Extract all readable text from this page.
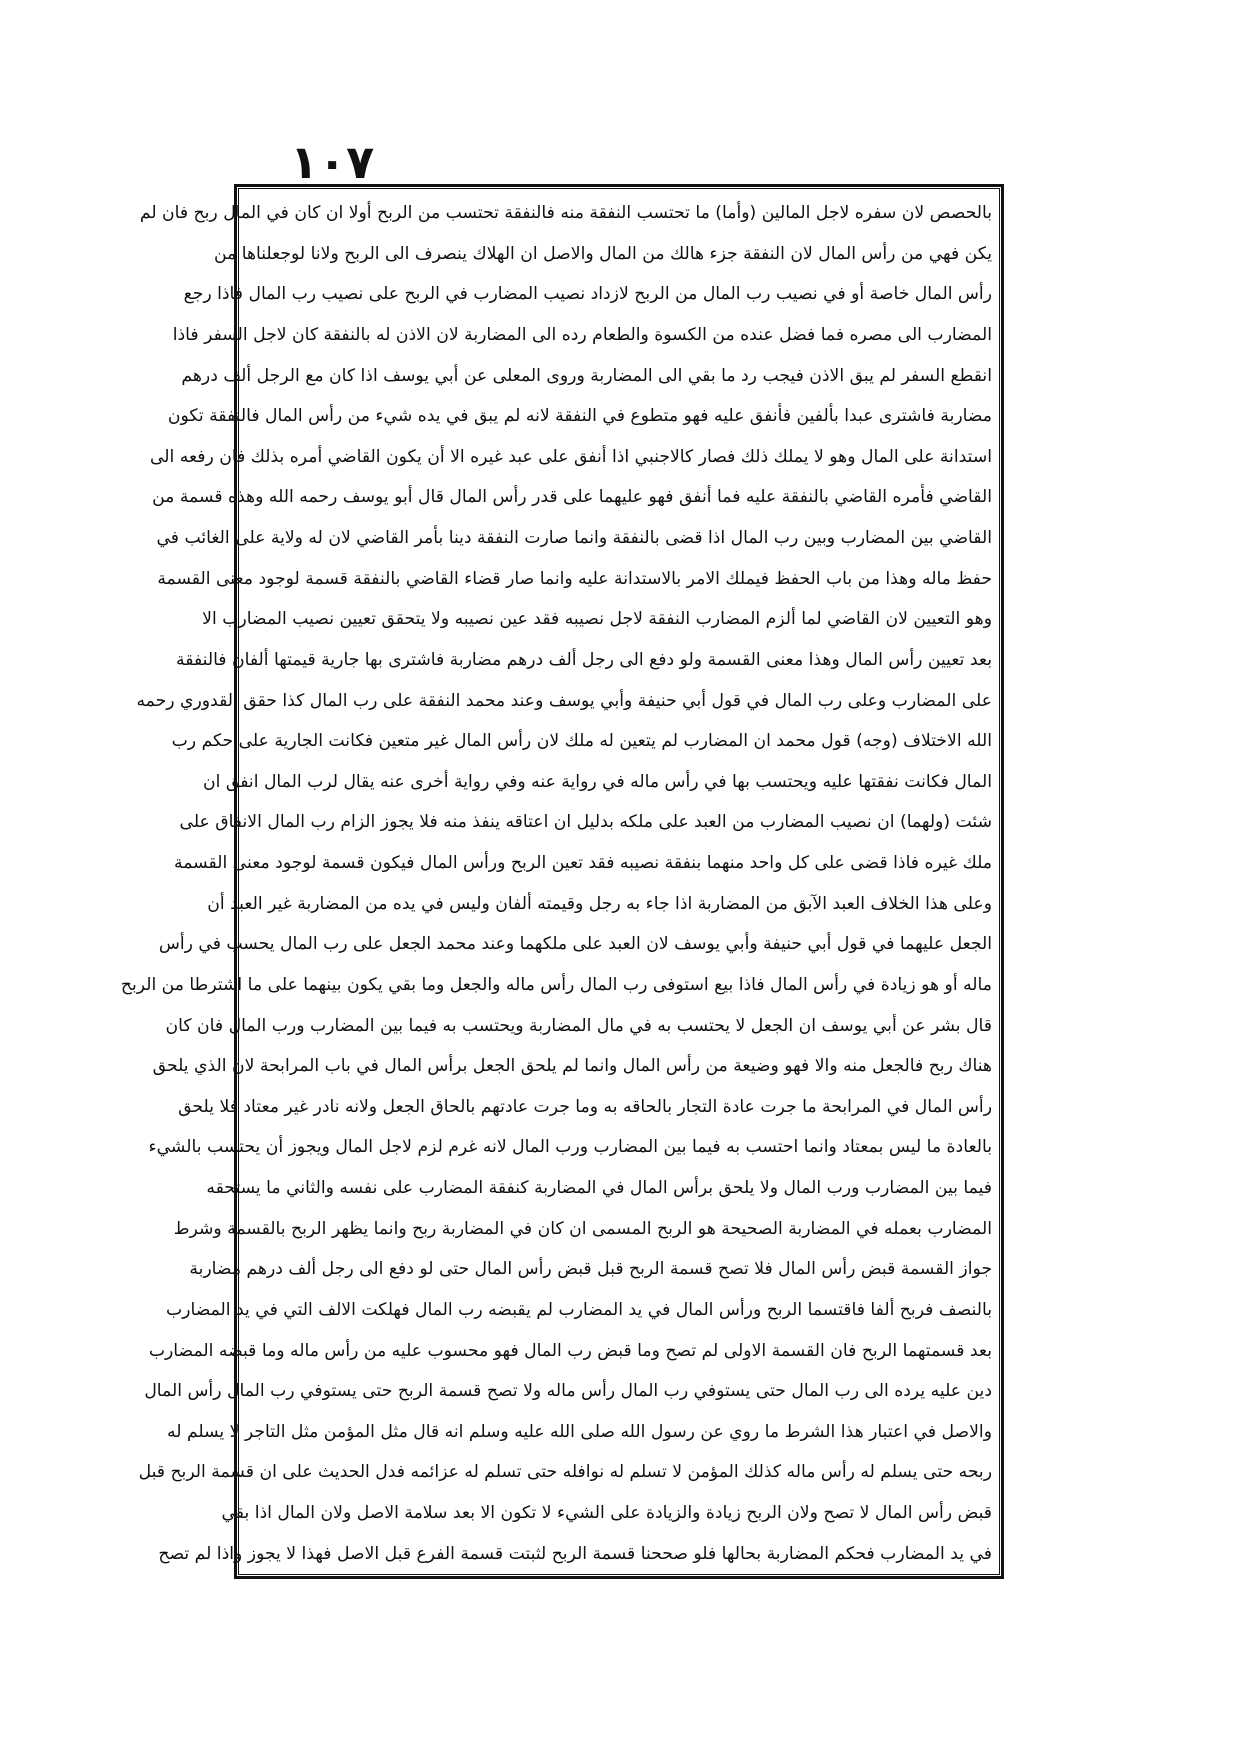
١٠٧
بالحصص لان سفره لاجل المالين (وأما) ما تحتسب النفقة منه فالنفقة تحتسب من الربح أولا ان كان في المال ربح فان لم
يكن فهي من رأس المال لان النفقة جزء هالك من المال والاصل ان الهلاك ينصرف الى الربح ولانا لوجعلناها من
رأس المال خاصة أو في نصيب رب المال من الربح لازداد نصيب المضارب في الربح على نصيب رب المال فاذا رجع
المضارب الى مصره فما فضل عنده من الكسوة والطعام رده الى المضاربة لان الاذن له بالنفقة كان لاجل السفر فاذا
انقطع السفر لم يبق الاذن فيجب رد ما بقي الى المضاربة وروى المعلى عن أبي يوسف اذا كان مع الرجل ألف درهم
مضاربة فاشترى عبدا بألفين فأنفق عليه فهو متطوع في النفقة لانه لم يبق في يده شيء من رأس المال فالنفقة تكون
استدانة على المال وهو لا يملك ذلك فصار كالاجنبي اذا أنفق على عبد غيره الا أن يكون القاضي أمره بذلك فان رفعه الى
القاضي فأمره القاضي بالنفقة عليه فما أنفق فهو عليهما على قدر رأس المال قال أبو يوسف رحمه الله وهذه قسمة من
القاضي بين المضارب وبين رب المال اذا قضى بالنفقة وانما صارت النفقة دينا بأمر القاضي لان له ولاية على الغائب في
حفظ ماله وهذا من باب الحفظ فيملك الامر بالاستدانة عليه وانما صار قضاء القاضي بالنفقة قسمة لوجود معنى القسمة
وهو التعيين لان القاضي لما ألزم المضارب النفقة لاجل نصيبه فقد عين نصيبه ولا يتحقق تعيين نصيب المضارب الا
بعد تعيين رأس المال وهذا معنى القسمة ولو دفع الى رجل ألف درهم مضاربة فاشترى بها جارية قيمتها ألفان فالنفقة
على المضارب وعلى رب المال في قول أبي حنيفة وأبي يوسف وعند محمد النفقة على رب المال كذا حقق القدوري رحمه
الله الاختلاف (وجه) قول محمد ان المضارب لم يتعين له ملك لان رأس المال غير متعين فكانت الجارية على حكم رب
المال فكانت نفقتها عليه ويحتسب بها في رأس ماله في رواية عنه وفي رواية أخرى عنه يقال لرب المال انفق ان
شئت (ولهما) ان نصيب المضارب من العبد على ملكه بدليل ان اعتاقه ينفذ منه فلا يجوز الزام رب المال الانفاق على
ملك غيره فاذا قضى على كل واحد منهما بنفقة نصيبه فقد تعين الربح ورأس المال فيكون قسمة لوجود معنى القسمة
وعلى هذا الخلاف العبد الآبق من المضاربة اذا جاء به رجل وقيمته ألفان وليس في يده من المضاربة غير العبد أن
الجعل عليهما في قول أبي حنيفة وأبي يوسف لان العبد على ملكهما وعند محمد الجعل على رب المال يحسب في رأس
ماله أو هو زيادة في رأس المال فاذا بيع استوفى رب المال رأس ماله والجعل وما بقي يكون بينهما على ما اشترطا من الربح
قال بشر عن أبي يوسف ان الجعل لا يحتسب به في مال المضاربة ويحتسب به فيما بين المضارب ورب المال فان كان
هناك ربح فالجعل منه والا فهو وضيعة من رأس المال وانما لم يلحق الجعل برأس المال في باب المرابحة لان الذي يلحق
رأس المال في المرابحة ما جرت عادة التجار بالحاقه به وما جرت عادتهم بالحاق الجعل ولانه نادر غير معتاد فلا يلحق
بالعادة ما ليس بمعتاد وانما احتسب به فيما بين المضارب ورب المال لانه غرم لزم لاجل المال ويجوز أن يحتسب بالشيء
فيما بين المضارب ورب المال ولا يلحق برأس المال في المضاربة كنفقة المضارب على نفسه والثاني ما يستحقه
المضارب بعمله في المضاربة الصحيحة هو الربح المسمى ان كان في المضاربة ربح وانما يظهر الربح بالقسمة وشرط
جواز القسمة قبض رأس المال فلا تصح قسمة الربح قبل قبض رأس المال حتى لو دفع الى رجل ألف درهم مضاربة
بالنصف فربح ألفا فاقتسما الربح ورأس المال في يد المضارب لم يقبضه رب المال فهلكت الالف التي في يد المضارب
بعد قسمتهما الربح فان القسمة الاولى لم تصح وما قبض رب المال فهو محسوب عليه من رأس ماله وما قبضه المضارب
دين عليه يرده الى رب المال حتى يستوفي رب المال رأس ماله ولا تصح قسمة الربح حتى يستوفي رب المال رأس المال
والاصل في اعتبار هذا الشرط ما روي عن رسول الله صلى الله عليه وسلم انه قال مثل المؤمن مثل التاجر لا يسلم له
ربحه حتى يسلم له رأس ماله كذلك المؤمن لا تسلم له نوافله حتى تسلم له عزائمه فدل الحديث على ان قسمة الربح قبل
قبض رأس المال لا تصح ولان الربح زيادة والزيادة على الشيء لا تكون الا بعد سلامة الاصل ولان المال اذا بقي
في يد المضارب فحكم المضاربة بحالها فلو صححنا قسمة الربح لثبتت قسمة الفرع قبل الاصل فهذا لا يجوز واذا لم تصح
